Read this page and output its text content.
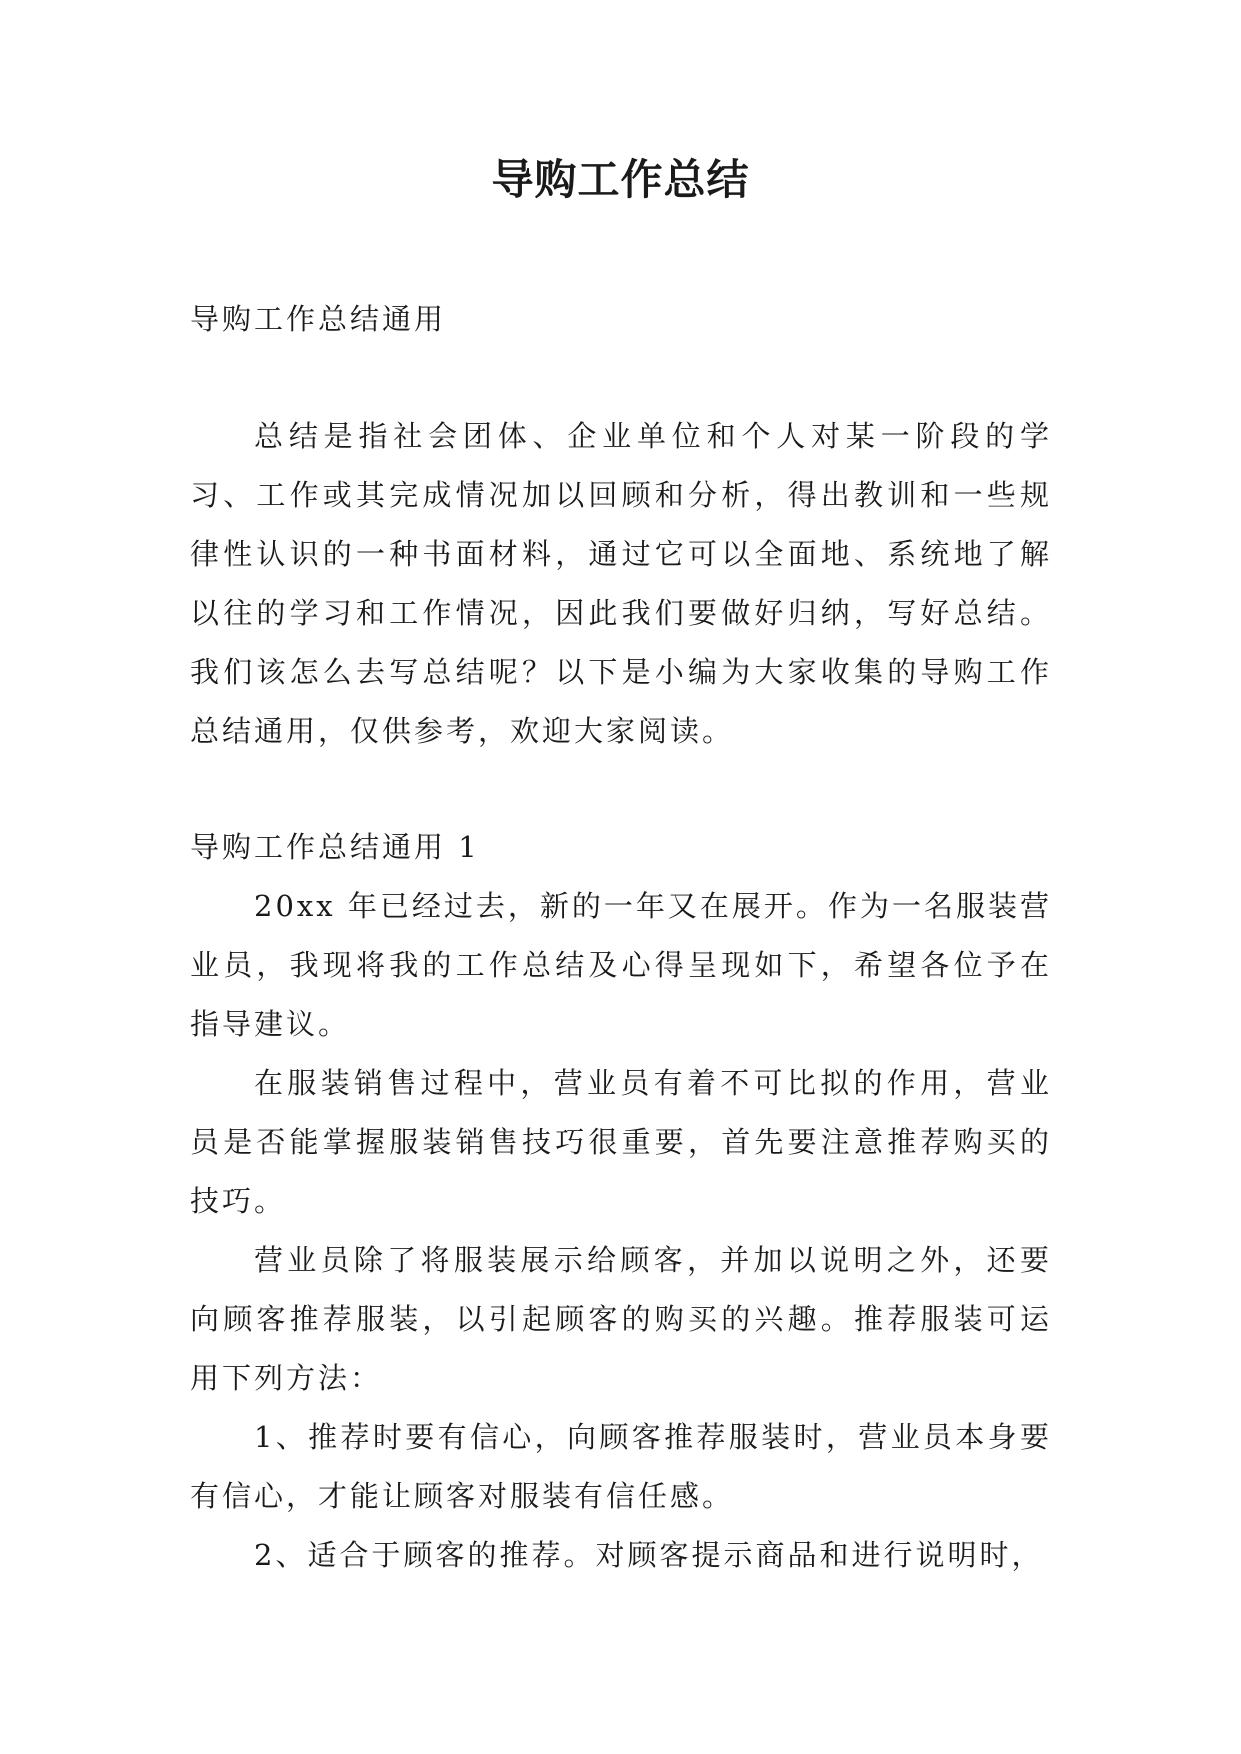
导购工作总结

导购工作总结通用

总结是指社会团体、企业单位和个人对某一阶段的学习、工作或其完成情况加以回顾和分析，得出教训和一些规律性认识的一种书面材料，通过它可以全面地、系统地了解以往的学习和工作情况，因此我们要做好归纳，写好总结。我们该怎么去写总结呢？以下是小编为大家收集的导购工作总结通用，仅供参考，欢迎大家阅读。

导购工作总结通用 1

20xx 年已经过去，新的一年又在展开。作为一名服装营业员，我现将我的工作总结及心得呈现如下，希望各位予在指导建议。

在服装销售过程中，营业员有着不可比拟的作用，营业员是否能掌握服装销售技巧很重要，首先要注意推荐购买的技巧。

营业员除了将服装展示给顾客，并加以说明之外，还要向顾客推荐服装，以引起顾客的购买的兴趣。推荐服装可运用下列方法：

1、推荐时要有信心，向顾客推荐服装时，营业员本身要有信心，才能让顾客对服装有信任感。

2、适合于顾客的推荐。对顾客提示商品和进行说明时，
